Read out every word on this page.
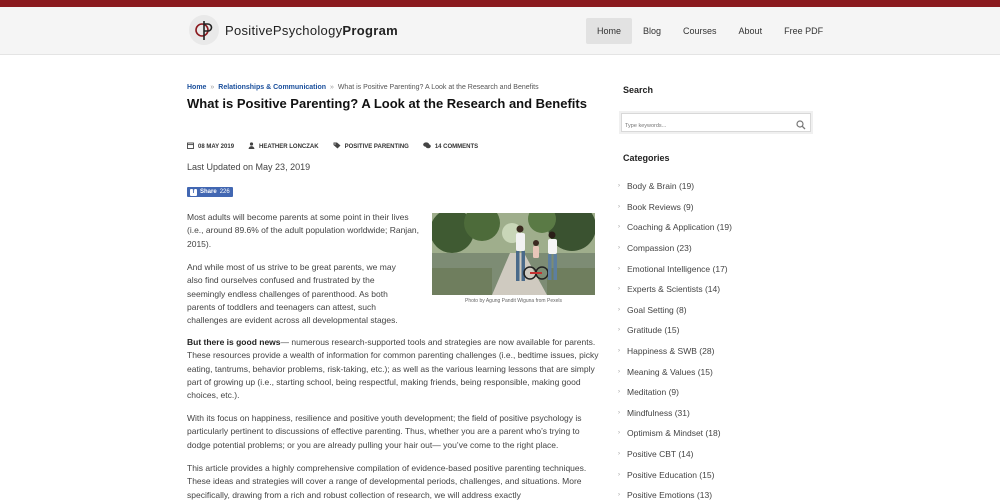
PositivePsychologyProgram	Home	Blog	Courses	About	Free PDF
Home » Relationships & Communication » What is Positive Parenting? A Look at the Research and Benefits
What is Positive Parenting? A Look at the Research and Benefits
08 MAY 2019	HEATHER LONCZAK	POSITIVE PARENTING	14 COMMENTS
Last Updated on May 23, 2019
f Share 226

Most adults will become parents at some point in their lives (i.e., around 89.6% of the adult population worldwide; Ranjan, 2015).

And while most of us strive to be great parents, we may also find ourselves confused and frustrated by the seemingly endless challenges of parenthood. As both parents of toddlers and teenagers can attest, such challenges are evident across all developmental stages.

Photo by Agung Pandit Wiguna from Pexels

But there is good news— numerous research-supported tools and strategies are now available for parents. These resources provide a wealth of information for common parenting challenges (i.e., bedtime issues, picky eating, tantrums, behavior problems, risk-taking, etc.); as well as the various learning lessons that are simply part of growing up (i.e., starting school, being respectful, making friends, being responsible, making good choices, etc.).

With its focus on happiness, resilience and positive youth development; the field of positive psychology is particularly pertinent to discussions of effective parenting. Thus, whether you are a parent who’s trying to dodge potential problems; or you are already pulling your hair out— you’ve come to the right place.

This article provides a highly comprehensive compilation of evidence-based positive parenting techniques. These ideas and strategies will cover a range of developmental periods, challenges, and situations. More specifically, drawing from a rich and robust collection of research, we will address exactly

Search
Type keywords...
Categories
› Body & Brain (19)
› Book Reviews (9)
› Coaching & Application (19)
› Compassion (23)
› Emotional Intelligence (17)
› Experts & Scientists (14)
› Goal Setting (8)
› Gratitude (15)
› Happiness & SWB (28)
› Meaning & Values (15)
› Meditation (9)
› Mindfulness (31)
› Optimism & Mindset (18)
› Positive CBT (14)
› Positive Education (15)
› Positive Emotions (13)
